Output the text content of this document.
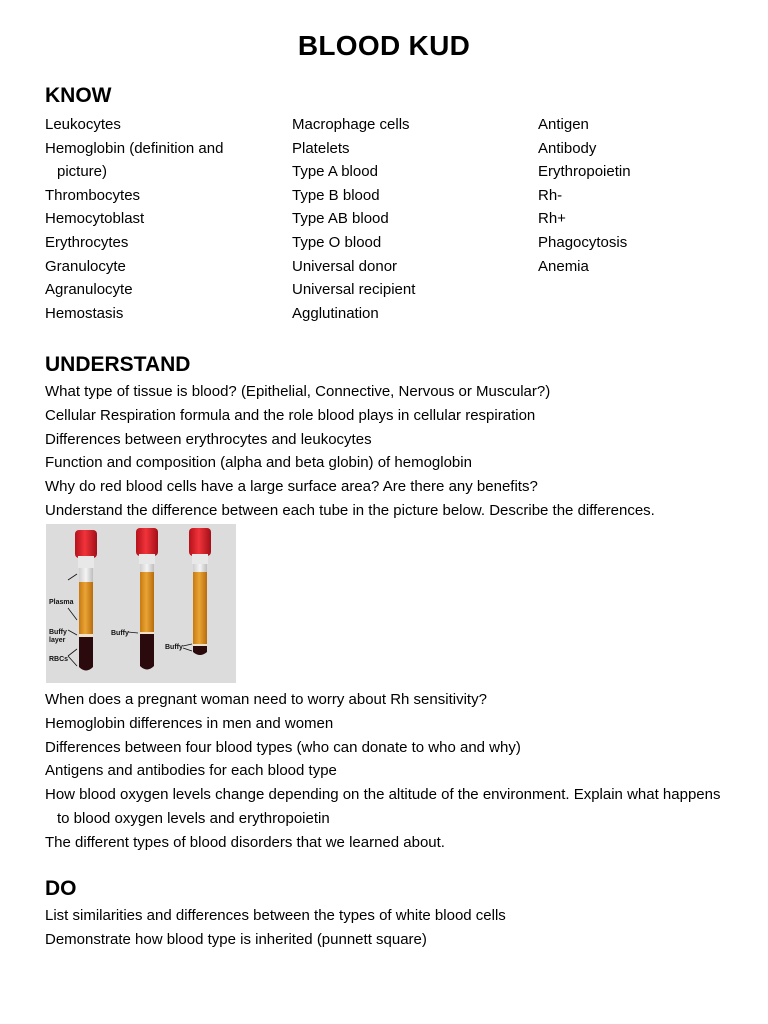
BLOOD KUD
KNOW
Leukocytes
Hemoglobin (definition and
picture)
Thrombocytes
Hemocytoblast
Erythrocytes
Granulocyte
Agranulocyte
Hemostasis
Macrophage cells
Platelets
Type A blood
Type B blood
Type AB blood
Type O blood
Universal donor
Universal recipient
Agglutination
Antigen
Antibody
Erythropoietin
Rh-
Rh+
Phagocytosis
Anemia
UNDERSTAND
What type of tissue is blood? (Epithelial, Connective, Nervous or Muscular?)
Cellular Respiration formula and the role blood plays in cellular respiration
Differences between erythrocytes and leukocytes
Function and composition (alpha and beta globin) of hemoglobin
Why do red blood cells have a large surface area? Are there any benefits?
Understand the difference between each tube in the picture below. Describe the differences.
Plasma
Buffy
layer
RBCs
Buffy
Buffy
When does a pregnant woman need to worry about Rh sensitivity?
Hemoglobin differences in men and women
Differences between four blood types (who can donate to who and why)
Antigens and antibodies for each blood type
How blood oxygen levels change depending on the altitude of the environment. Explain what happens
to blood oxygen levels and erythropoietin
The different types of blood disorders that we learned about.
DO
List similarities and differences between the types of white blood cells
Demonstrate how blood type is inherited (punnett square)
